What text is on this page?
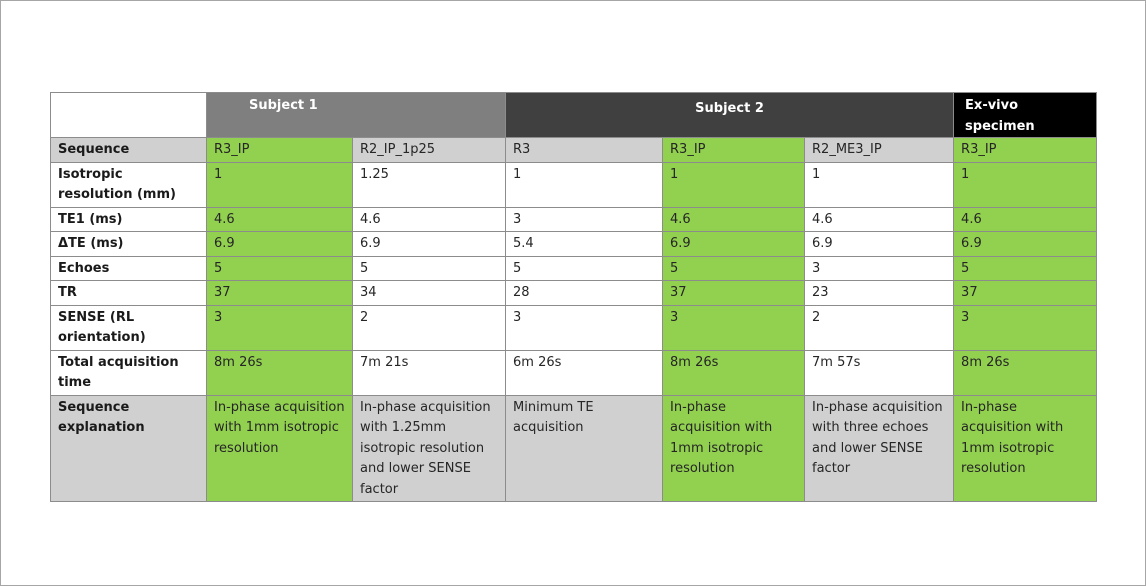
	Subject 1		Subject 2			Ex-vivo specimen
Sequence	R3_IP	R2_IP_1p25	R3	R3_IP	R2_ME3_IP	R3_IP
Isotropic resolution (mm)	1	1.25	1	1	1	1
TE1 (ms)	4.6	4.6	3	4.6	4.6	4.6
ΔTE (ms)	6.9	6.9	5.4	6.9	6.9	6.9
Echoes	5	5	5	5	3	5
TR	37	34	28	37	23	37
SENSE (RL orientation)	3	2	3	3	2	3
Total acquisition time	8m 26s	7m 21s	6m 26s	8m 26s	7m 57s	8m 26s
Sequence explanation	In-phase acquisition with 1mm isotropic resolution	In-phase acquisition with 1.25mm isotropic resolution and lower SENSE factor	Minimum TE acquisition	In-phase acquisition with 1mm isotropic resolution	In-phase acquisition with three echoes and lower SENSE factor	In-phase acquisition with 1mm isotropic resolution
